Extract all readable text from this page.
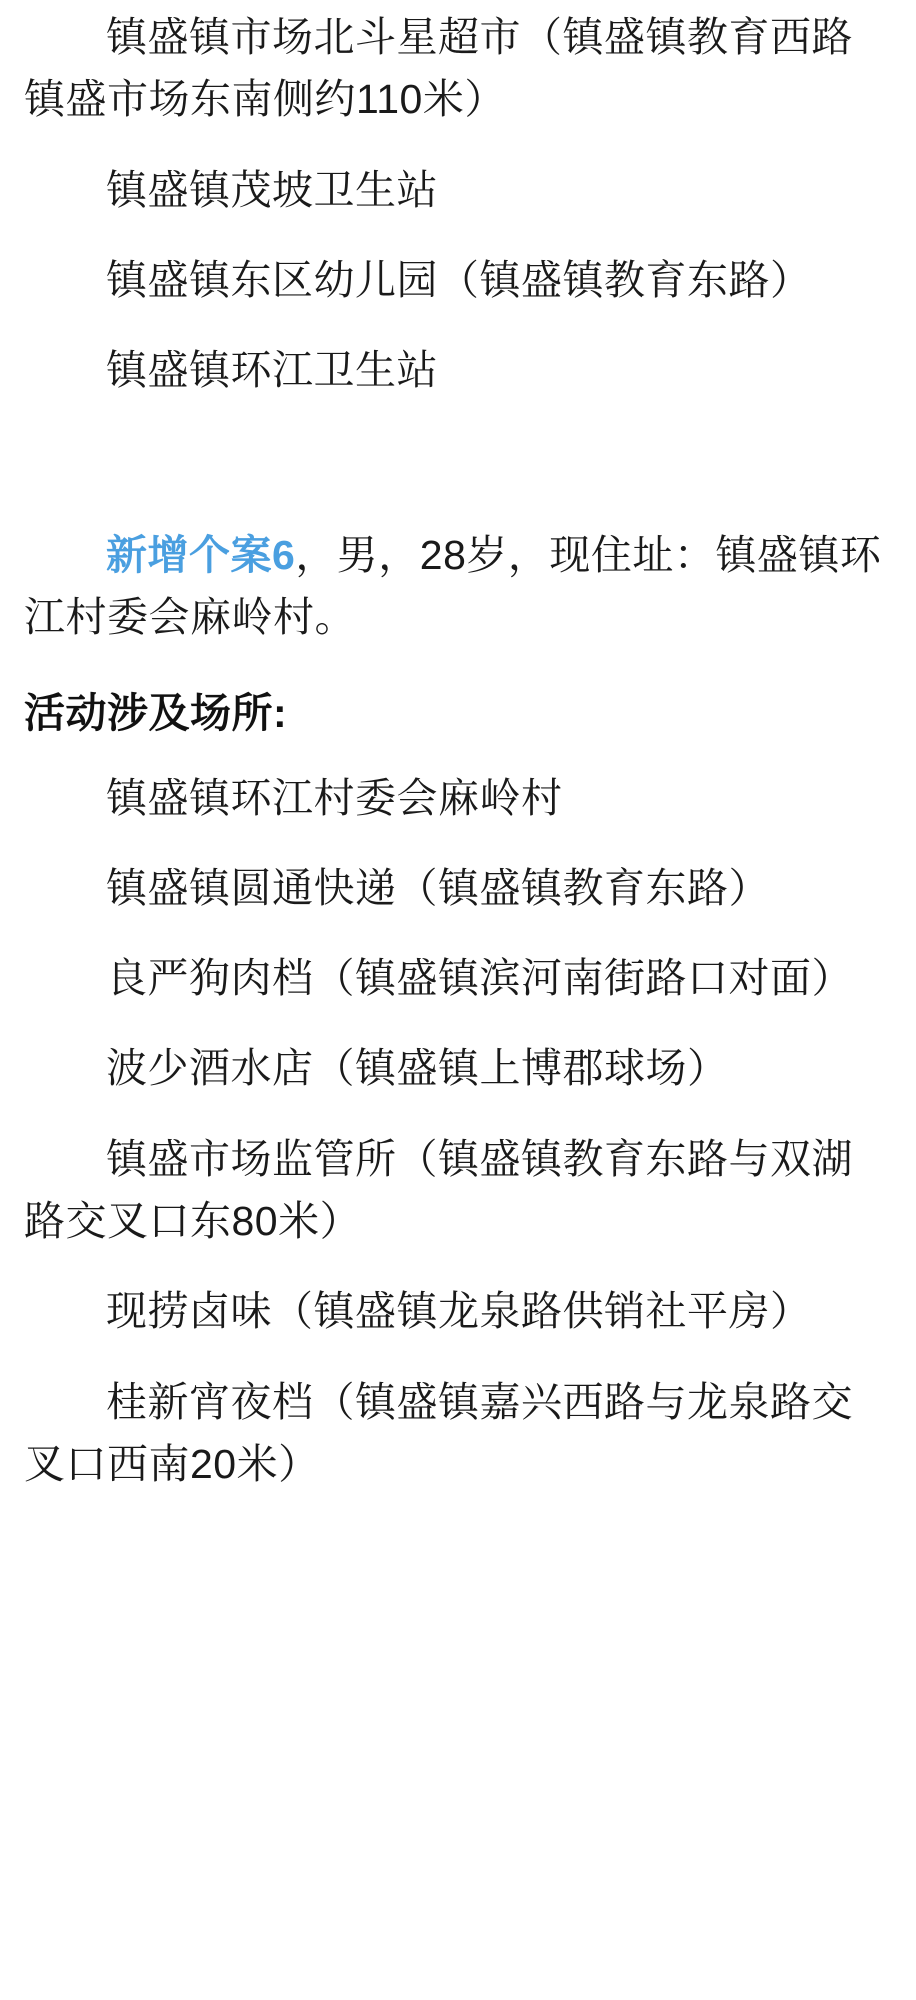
镇盛镇市场北斗星超市（镇盛镇教育西路镇盛市场东南侧约110米）

镇盛镇茂坡卫生站

镇盛镇东区幼儿园（镇盛镇教育东路）

镇盛镇环江卫生站

新增个案6，男，28岁，现住址：镇盛镇环江村委会麻岭村。

活动涉及场所:

镇盛镇环江村委会麻岭村

镇盛镇圆通快递（镇盛镇教育东路）

良严狗肉档（镇盛镇滨河南街路口对面）

波少酒水店（镇盛镇上博郡球场）

镇盛市场监管所（镇盛镇教育东路与双湖路交叉口东80米）

现捞卤味（镇盛镇龙泉路供销社平房）

桂新宵夜档（镇盛镇嘉兴西路与龙泉路交叉口西南20米）
